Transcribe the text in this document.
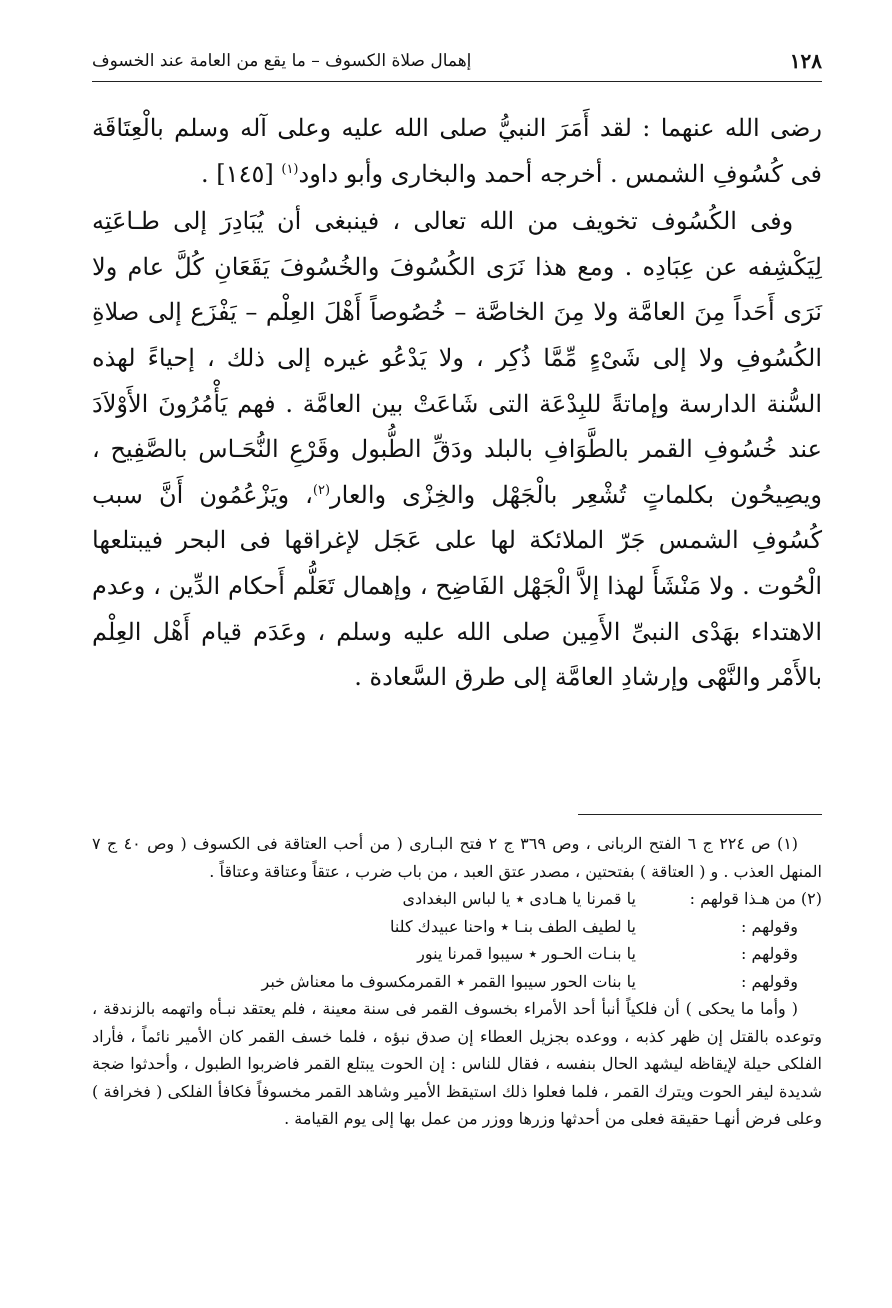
١٢٨
إهمال صلاة الكسوف – ما يقع من العامة عند الخسوف

رضى الله عنهما : لقد أَمَرَ النبيُّ صلى الله عليه وعلى آله وسلم بالْعِتَاقَة فى كُسُوفِ الشمس . أخرجه أحمد والبخارى وأبو داود$^{(١)}$ [١٤٥] .

وفى الكُسُوف تخويف من الله تعالى ، فينبغى أن يُبَادِرَ إلى طـاعَتِه لِيَكْشِفه عن عِبَادِه . ومع هذا نَرَى الكُسُوفَ والخُسُوفَ يَقَعَانِ كُلَّ عام ولا نَرَى أَحَداً مِنَ العامَّة ولا مِنَ الخاصَّة – خُصُوصاً أَهْلَ العِلْم – يَفْزَع إلى صلاةِ الكُسُوفِ ولا إلى شَىْءٍ مِّمَّا ذُكِر ، ولا يَدْعُو غيره إلى ذلك ، إحياءً لهذه السُّنة الدارسة وإماتةً للبِدْعَة التى شَاعَتْ بين العامَّة . فهم يَأْمُرُونَ الأَوْلاَدَ عند خُسُوفِ القمر بالطَّوَافِ بالبلد ودَقِّ الطُّبول وقَرْعِ النُّحَـاس بالصَّفِيح ، ويصِيحُون بكلماتٍ تُشْعِر بالْجَهْل والخِزْى والعار$^{(٢)}$، ويَزْعُمُون أَنَّ سبب كُسُوفِ الشمس جَرّ الملائكة لها على عَجَل لإغراقها فى البحر فيبتلعها الْحُوت . ولا مَنْشَأَ لهذا إلاَّ الْجَهْل الفَاضِح ، وإهمال تَعَلُّم أَحكام الدِّين ، وعدم الاهتداء بهَدْى النبىِّ الأَمِين صلى الله عليه وسلم ، وعَدَم قيام أَهْل العِلْم بالأَمْر والنَّهْى وإرشادِ العامَّة إلى طرق السَّعادة .

(١) ص ٢٢٤ ج ٦ الفتح الربانى ، وص ٣٦٩ ج ٢ فتح البـارى ( من أحب العتاقة فى الكسوف ( وص ٤٠ ج ٧ المنهل العذب . و ( العتاقة ) بفتحتين ، مصدر عتق العبد ، من باب ضرب ، عتقاً وعتاقة وعتاقاً .

(٢) من هـذا قولهم :
يا قمرنا يا هـادى ٭ يا لباس البغدادى
وقولهم :
يا لطيف الطف بنـا ٭ واحنا عبيدك كلنا
وقولهم :
يا بنـات الحـور ٭ سيبوا قمرنا ينور
وقولهم :
يا بنات الحور سيبوا القمر ٭ القمرمكسوف ما معناش خبر

( وأما ما يحكى ) أن فلكياً أنبأ أحد الأمراء بخسوف القمر فى سنة معينة ، فلم يعتقد نبـأه واتهمه بالزندقة ، وتوعده بالقتل إن ظهر كذبه ، ووعده بجزيل العطاء إن صدق نبؤه ، فلما خسف القمر كان الأمير نائماً ، فأراد الفلكى حيلة لإيقاظه ليشهد الحال بنفسه ، فقال للناس : إن الحوت يبتلع القمر فاضربوا الطبول ، وأحدثوا ضجة شديدة ليفر الحوت ويترك القمر ، فلما فعلوا ذلك استيقظ الأمير وشاهد القمر مخسوفاً فكافأ الفلكى ( فخرافة ) وعلى فرض أنهـا حقيقة فعلى من أحدثها وزرها ووزر من عمل بها إلى يوم القيامة .
